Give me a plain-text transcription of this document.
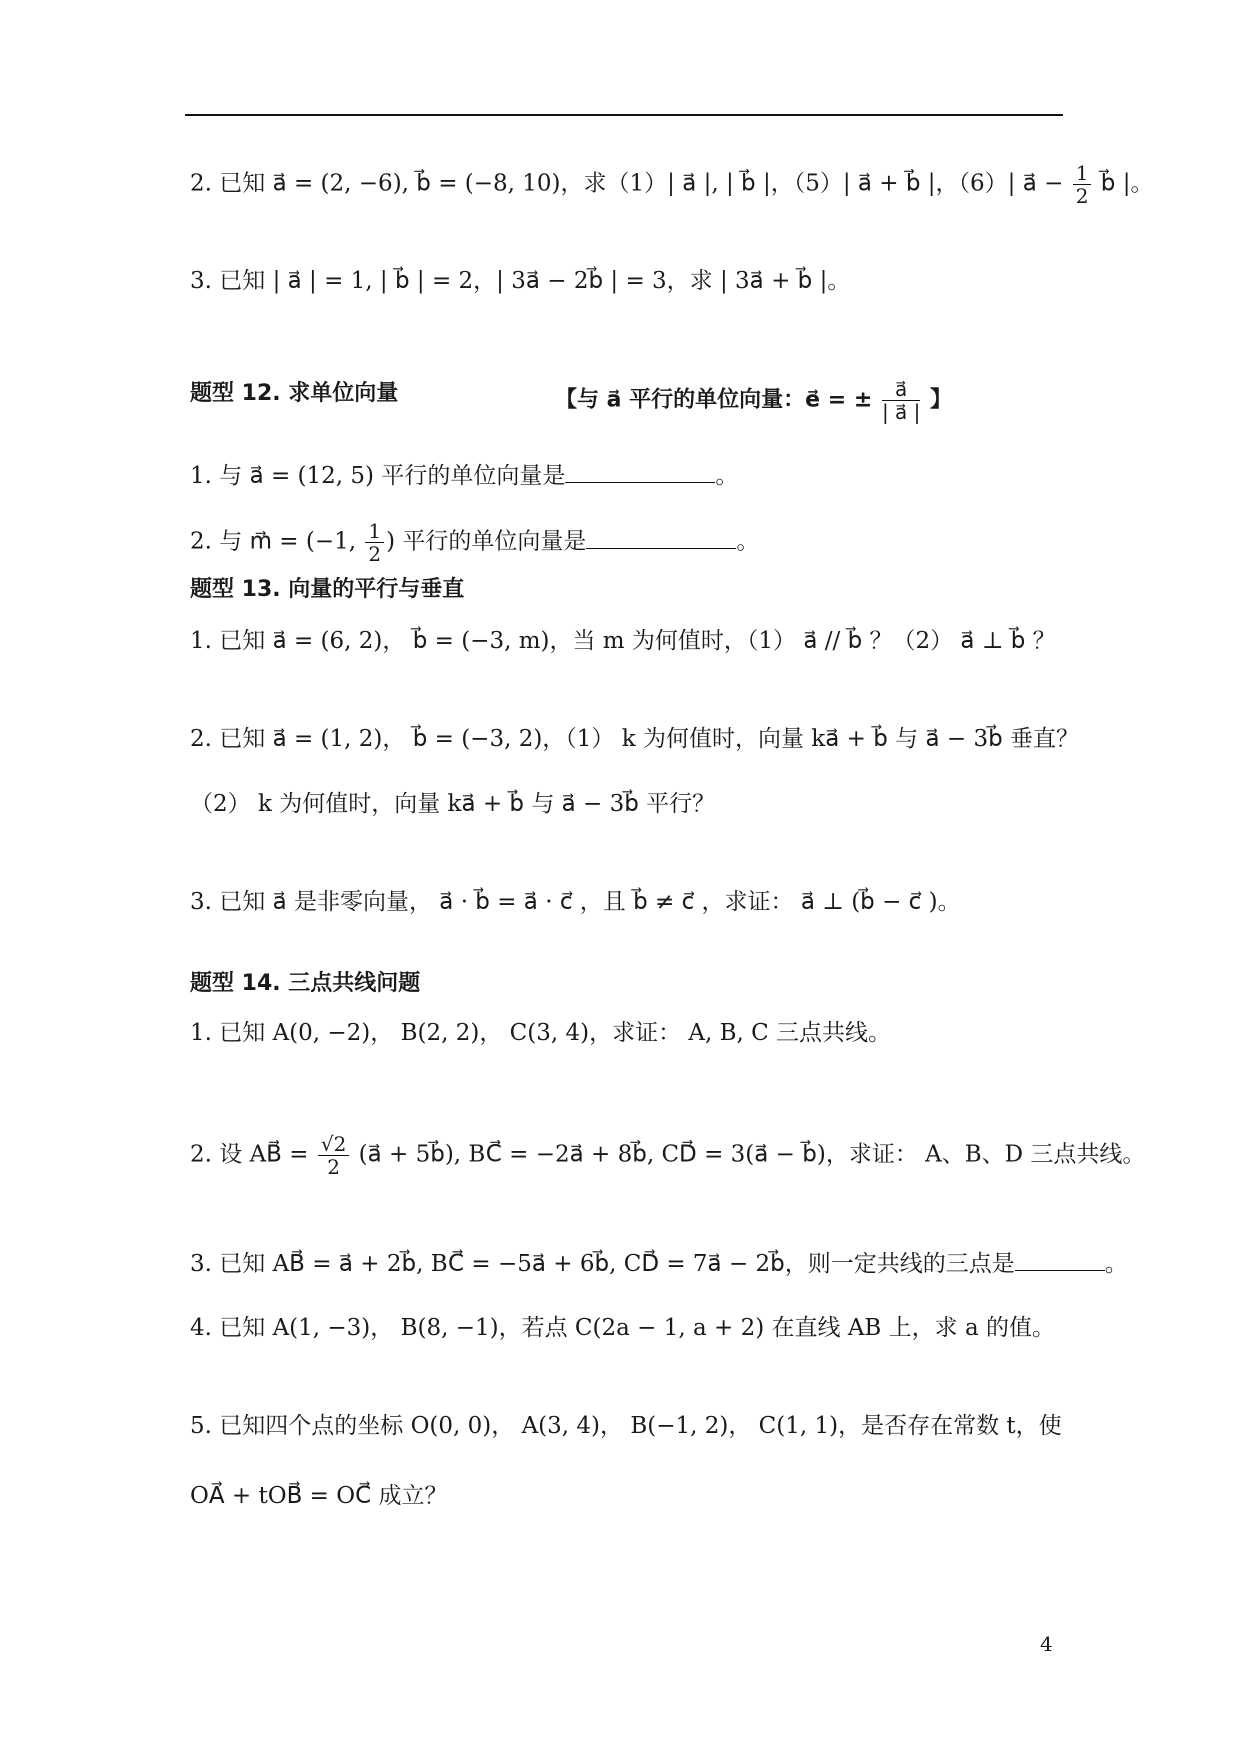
2. 已知 a⃗ = (2, −6), b⃗ = (−8, 10)，求（1）| a⃗ |, | b⃗ |，（5）| a⃗ + b⃗ |，（6）| a⃗ − $\frac{1}{2}$ b⃗ |。
3. 已知 | a⃗ | = 1, | b⃗ | = 2，| 3a⃗ − 2b⃗ | = 3，求 | 3a⃗ + b⃗ |。
题型 12. 求单位向量	【与 a⃗ 平行的单位向量：e⃗ = ± $\frac{a⃗}{| a⃗ |}$ 】
1. 与 a⃗ = (12, 5) 平行的单位向量是	。
2. 与 m⃗ = (−1, $\frac{1}{2}$ ) 平行的单位向量是	。
题型 13. 向量的平行与垂直
1. 已知 a⃗ = (6, 2)， b⃗ = (−3, m)，当 m 为何值时，（1） a⃗ // b⃗ ？（2） a⃗ ⊥ b⃗ ？
2. 已知 a⃗ = (1, 2)， b⃗ = (−3, 2)，（1） k 为何值时，向量 ka⃗ + b⃗ 与 a⃗ − 3b⃗ 垂直？
（2） k 为何值时，向量 ka⃗ + b⃗ 与 a⃗ − 3b⃗ 平行？
3. 已知 a⃗ 是非零向量， a⃗ · b⃗ = a⃗ · c⃗ ，且 b⃗ ≠ c⃗ ，求证： a⃗ ⊥ (b⃗ − c⃗ )。
题型 14. 三点共线问题
1. 已知 A(0, −2)， B(2, 2)， C(3, 4)，求证： A, B, C 三点共线。
2. 设 AB⃗ = $\frac{√2}{2}$ (a⃗ + 5b⃗), BC⃗ = −2a⃗ + 8b⃗, CD⃗ = 3(a⃗ − b⃗)，求证： A、B、D 三点共线。
3. 已知 AB⃗ = a⃗ + 2b⃗, BC⃗ = −5a⃗ + 6b⃗, CD⃗ = 7a⃗ − 2b⃗，则一定共线的三点是	。
4. 已知 A(1, −3)， B(8, −1)，若点 C(2a − 1, a + 2) 在直线 AB 上，求 a 的值。
5. 已知四个点的坐标 O(0, 0)， A(3, 4)， B(−1, 2)， C(1, 1)，是否存在常数 t，使
OA⃗ + tOB⃗ = OC⃗ 成立？
4
